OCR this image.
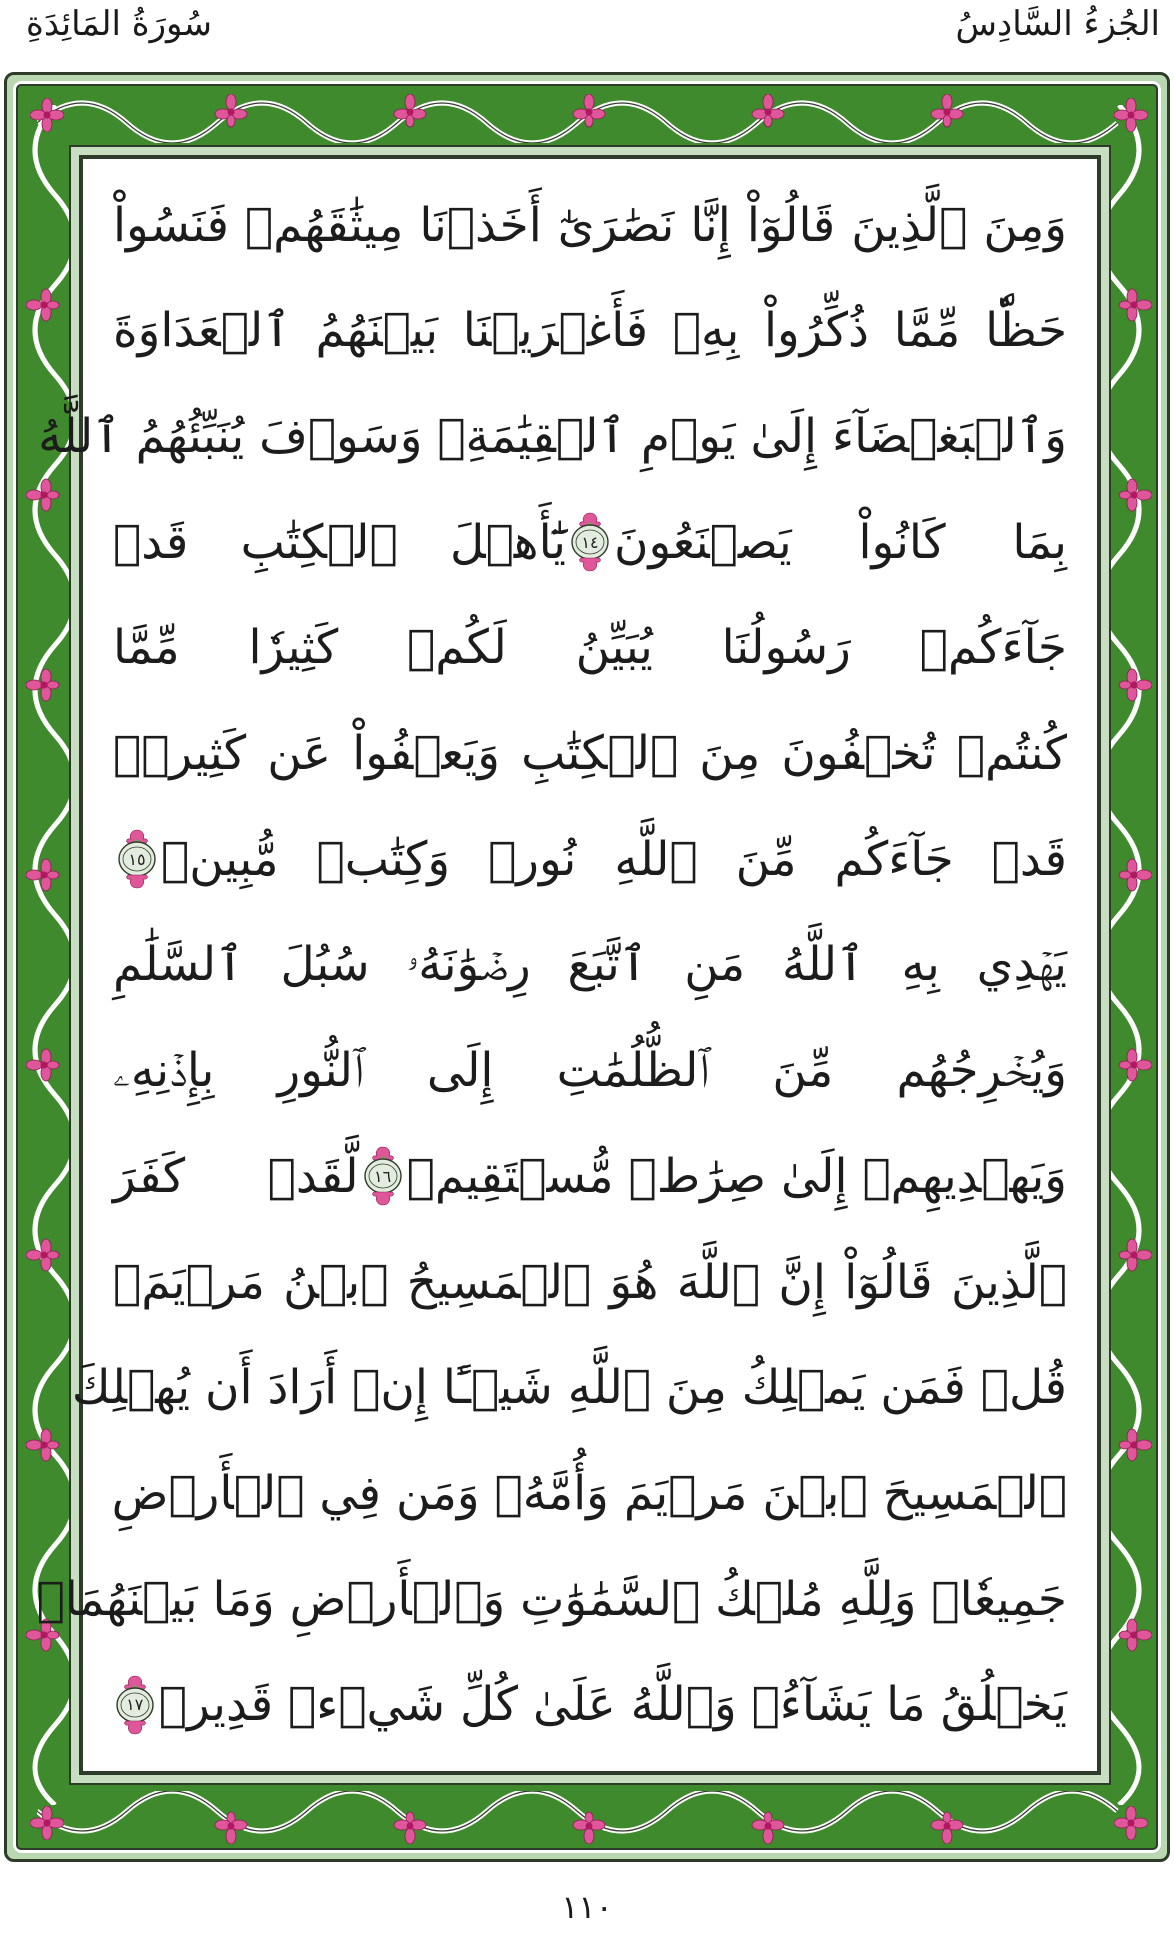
الجُزءُ السَّادِسُ
سُورَةُ المَائِدَةِ
وَمِنَ ٱلَّذِينَ قَالُوٓاْ إِنَّا نَصَٰرَىٰٓ أَخَذۡنَا مِيثَٰقَهُمۡ فَنَسُواْ
حَظّٗا مِّمَّا ذُكِّرُواْ بِهِۦ فَأَغۡرَيۡنَا بَيۡنَهُمُ ٱلۡعَدَاوَةَ
وَٱلۡبَغۡضَآءَ إِلَىٰ يَوۡمِ ٱلۡقِيَٰمَةِۚ وَسَوۡفَ يُنَبِّئُهُمُ ٱللَّهُ
بِمَا كَانُواْ يَصۡنَعُونَ
١٤
يَٰٓأَهۡلَ ٱلۡكِتَٰبِ قَدۡ
جَآءَكُمۡ رَسُولُنَا يُبَيِّنُ لَكُمۡ كَثِيرٗا مِّمَّا
كُنتُمۡ تُخۡفُونَ مِنَ ٱلۡكِتَٰبِ وَيَعۡفُواْ عَن كَثِيرٖۚ
قَدۡ جَآءَكُم مِّنَ ٱللَّهِ نُورٞ وَكِتَٰبٞ مُّبِينٞ
١٥
يَهۡدِي بِهِ ٱللَّهُ مَنِ ٱتَّبَعَ رِضۡوَٰنَهُۥ سُبُلَ ٱلسَّلَٰمِ
وَيُخۡرِجُهُم مِّنَ ٱلظُّلُمَٰتِ إِلَى ٱلنُّورِ بِإِذۡنِهِۦ
وَيَهۡدِيهِمۡ إِلَىٰ صِرَٰطٖ مُّسۡتَقِيمٖ
١٦
لَّقَدۡ كَفَرَ
ٱلَّذِينَ قَالُوٓاْ إِنَّ ٱللَّهَ هُوَ ٱلۡمَسِيحُ ٱبۡنُ مَرۡيَمَۚ
قُلۡ فَمَن يَمۡلِكُ مِنَ ٱللَّهِ شَيۡـًٔا إِنۡ أَرَادَ أَن يُهۡلِكَ
ٱلۡمَسِيحَ ٱبۡنَ مَرۡيَمَ وَأُمَّهُۥ وَمَن فِي ٱلۡأَرۡضِ
جَمِيعٗاۗ وَلِلَّهِ مُلۡكُ ٱلسَّمَٰوَٰتِ وَٱلۡأَرۡضِ وَمَا بَيۡنَهُمَاۚ
يَخۡلُقُ مَا يَشَآءُۚ وَٱللَّهُ عَلَىٰ كُلِّ شَيۡءٖ قَدِيرٞ
١٧
١١٠
